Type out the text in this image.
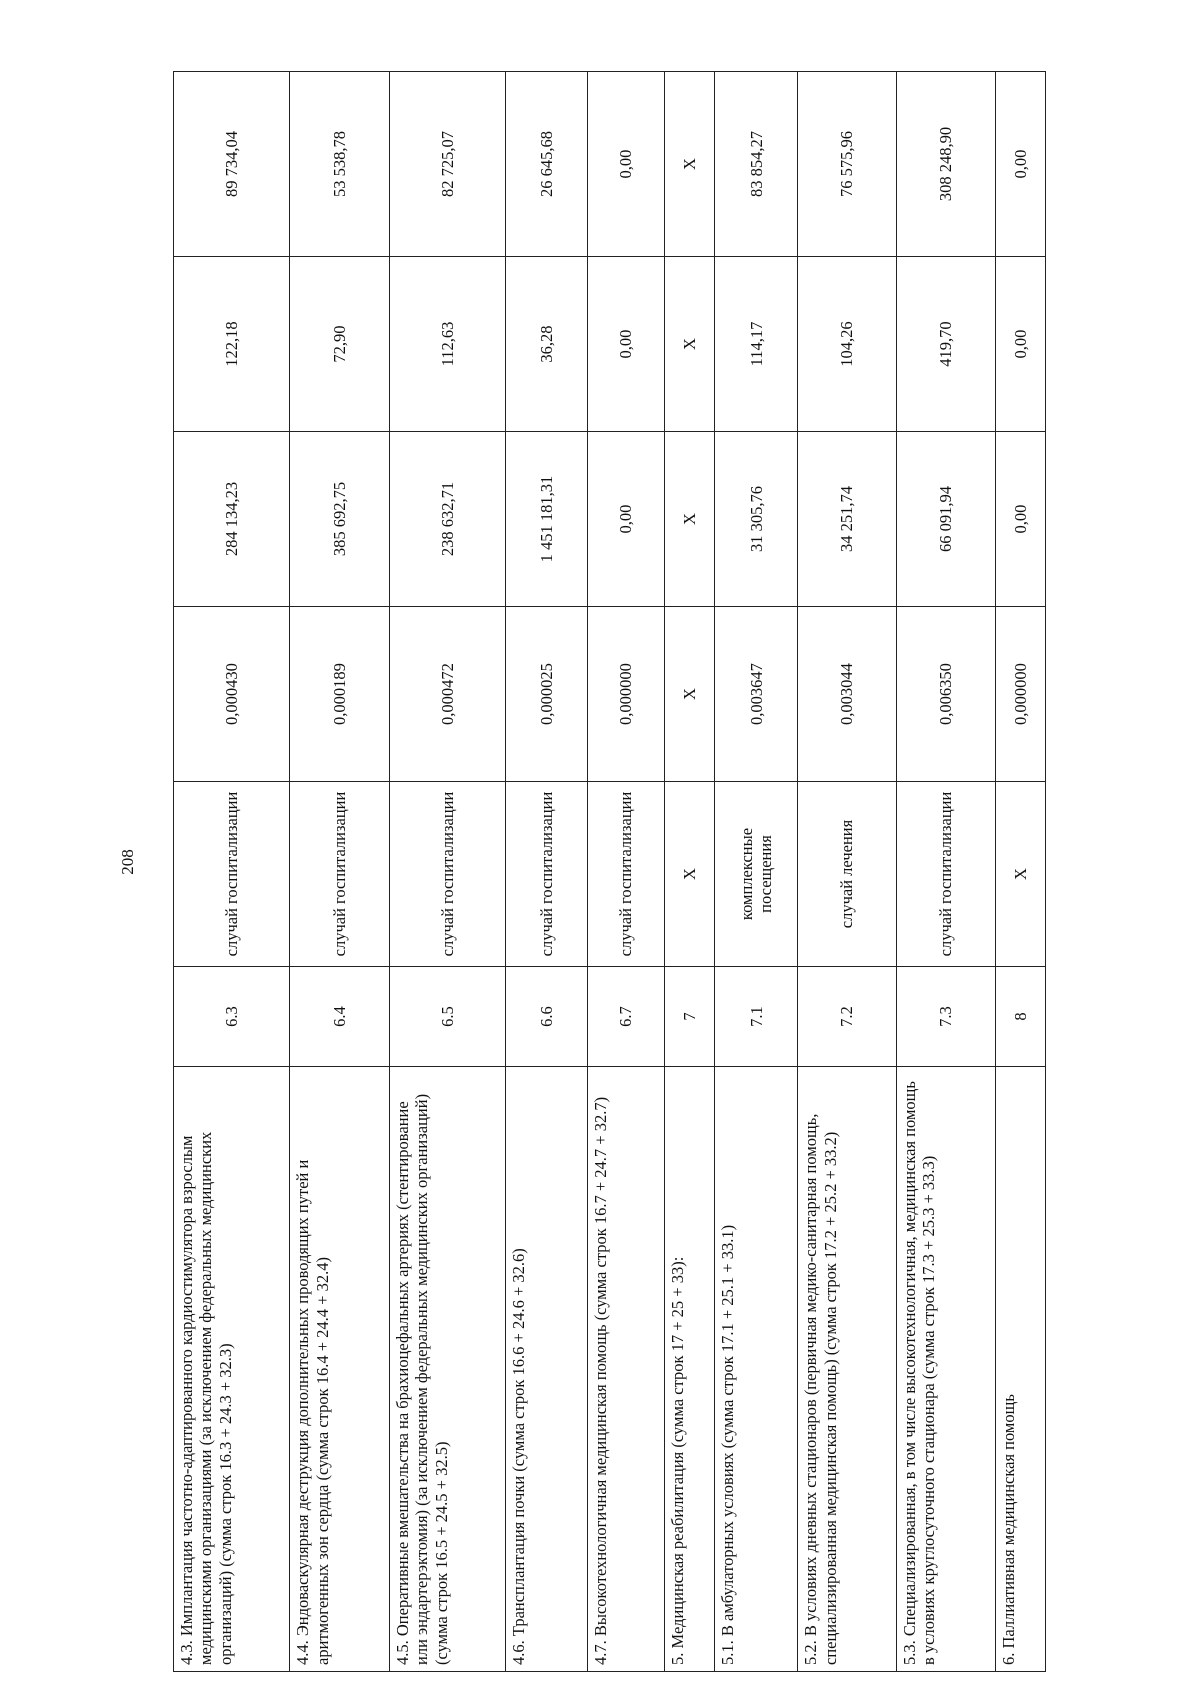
208
4.3. Имплантация частотно-адаптированного кардиостимулятора взрослым медицинскими организациями (за исключением федеральных медицинских организаций) (сумма строк 16.3 + 24.3 + 32.3)	6.3	случай госпитализации	0,000430	284 134,23	122,18	89 734,04
4.4. Эндоваскулярная деструкция дополнительных проводящих путей и аритмогенных зон сердца (сумма строк 16.4 + 24.4 + 32.4)	6.4	случай госпитализации	0,000189	385 692,75	72,90	53 538,78
4.5. Оперативные вмешательства на брахиоцефальных артериях (стентирование или эндартерэктомия) (за исключением федеральных медицинских организаций) (сумма строк 16.5 + 24.5 + 32.5)	6.5	случай госпитализации	0,000472	238 632,71	112,63	82 725,07
4.6. Трансплантация почки (сумма строк 16.6 + 24.6 + 32.6)	6.6	случай госпитализации	0,000025	1 451 181,31	36,28	26 645,68
4.7. Высокотехнологичная медицинская помощь (сумма строк 16.7 + 24.7 + 32.7)	6.7	случай госпитализации	0,000000	0,00	0,00	0,00
5. Медицинская реабилитация (сумма строк 17 + 25 + 33):	7	X	X	X	X	X
5.1. В амбулаторных условиях (сумма строк 17.1 + 25.1 + 33.1)	7.1	комплексные посещения	0,003647	31 305,76	114,17	83 854,27
5.2. В условиях дневных стационаров (первичная медико-санитарная помощь, специализированная медицинская помощь) (сумма строк 17.2 + 25.2 + 33.2)	7.2	случай лечения	0,003044	34 251,74	104,26	76 575,96
5.3. Специализированная, в том числе высокотехнологичная, медицинская помощь в условиях круглосуточного стационара (сумма строк 17.3 + 25.3 + 33.3)	7.3	случай госпитализации	0,006350	66 091,94	419,70	308 248,90
6. Паллиативная медицинская помощь	8	X	0,000000	0,00	0,00	0,00
